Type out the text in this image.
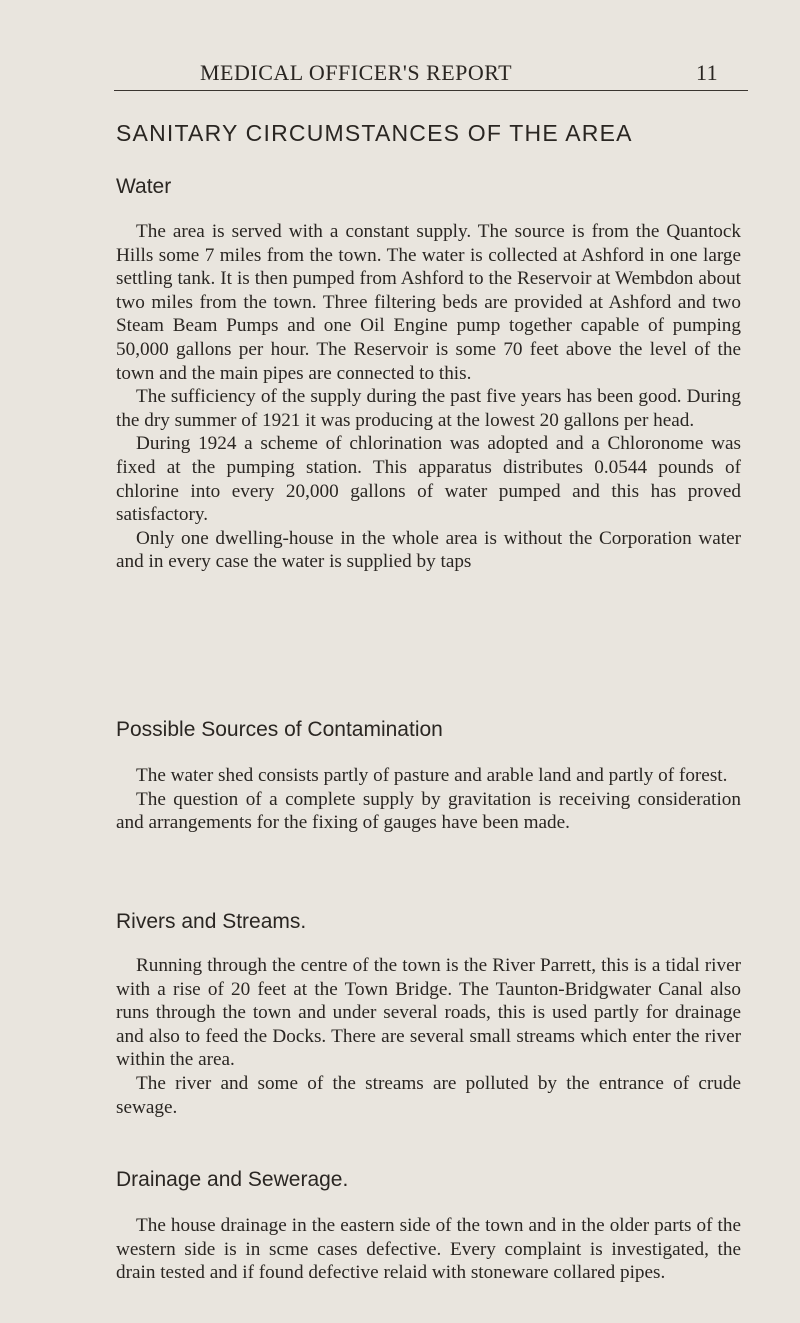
MEDICAL OFFICER'S REPORT	11
SANITARY CIRCUMSTANCES OF THE AREA
Water

The area is served with a constant supply. The source is from the Quantock Hills some 7 miles from the town. The water is collected at Ashford in one large settling tank. It is then pumped from Ashford to the Reservoir at Wembdon about two miles from the town. Three filtering beds are provided at Ashford and two Steam Beam Pumps and one Oil Engine pump together capable of pumping 50,000 gallons per hour. The Reservoir is some 70 feet above the level of the town and the main pipes are connected to this.

The sufficiency of the supply during the past five years has been good. During the dry summer of 1921 it was producing at the lowest 20 gallons per head.

During 1924 a scheme of chlorination was adopted and a Chloronome was fixed at the pumping station. This apparatus distributes 0.0544 pounds of chlorine into every 20,000 gallons of water pumped and this has proved satisfactory.

Only one dwelling-house in the whole area is without the Corporation water and in every case the water is supplied by taps

Possible Sources of Contamination

The water shed consists partly of pasture and arable land and partly of forest.

The question of a complete supply by gravitation is receiving consideration and arrangements for the fixing of gauges have been made.

Rivers and Streams.

Running through the centre of the town is the River Parrett, this is a tidal river with a rise of 20 feet at the Town Bridge. The Taunton-Bridgwater Canal also runs through the town and under several roads, this is used partly for drainage and also to feed the Docks. There are several small streams which enter the river within the area.

The river and some of the streams are polluted by the entrance of crude sewage.

Drainage and Sewerage.

The house drainage in the eastern side of the town and in the older parts of the western side is in scme cases defective. Every complaint is investigated, the drain tested and if found defective relaid with stoneware collared pipes.
